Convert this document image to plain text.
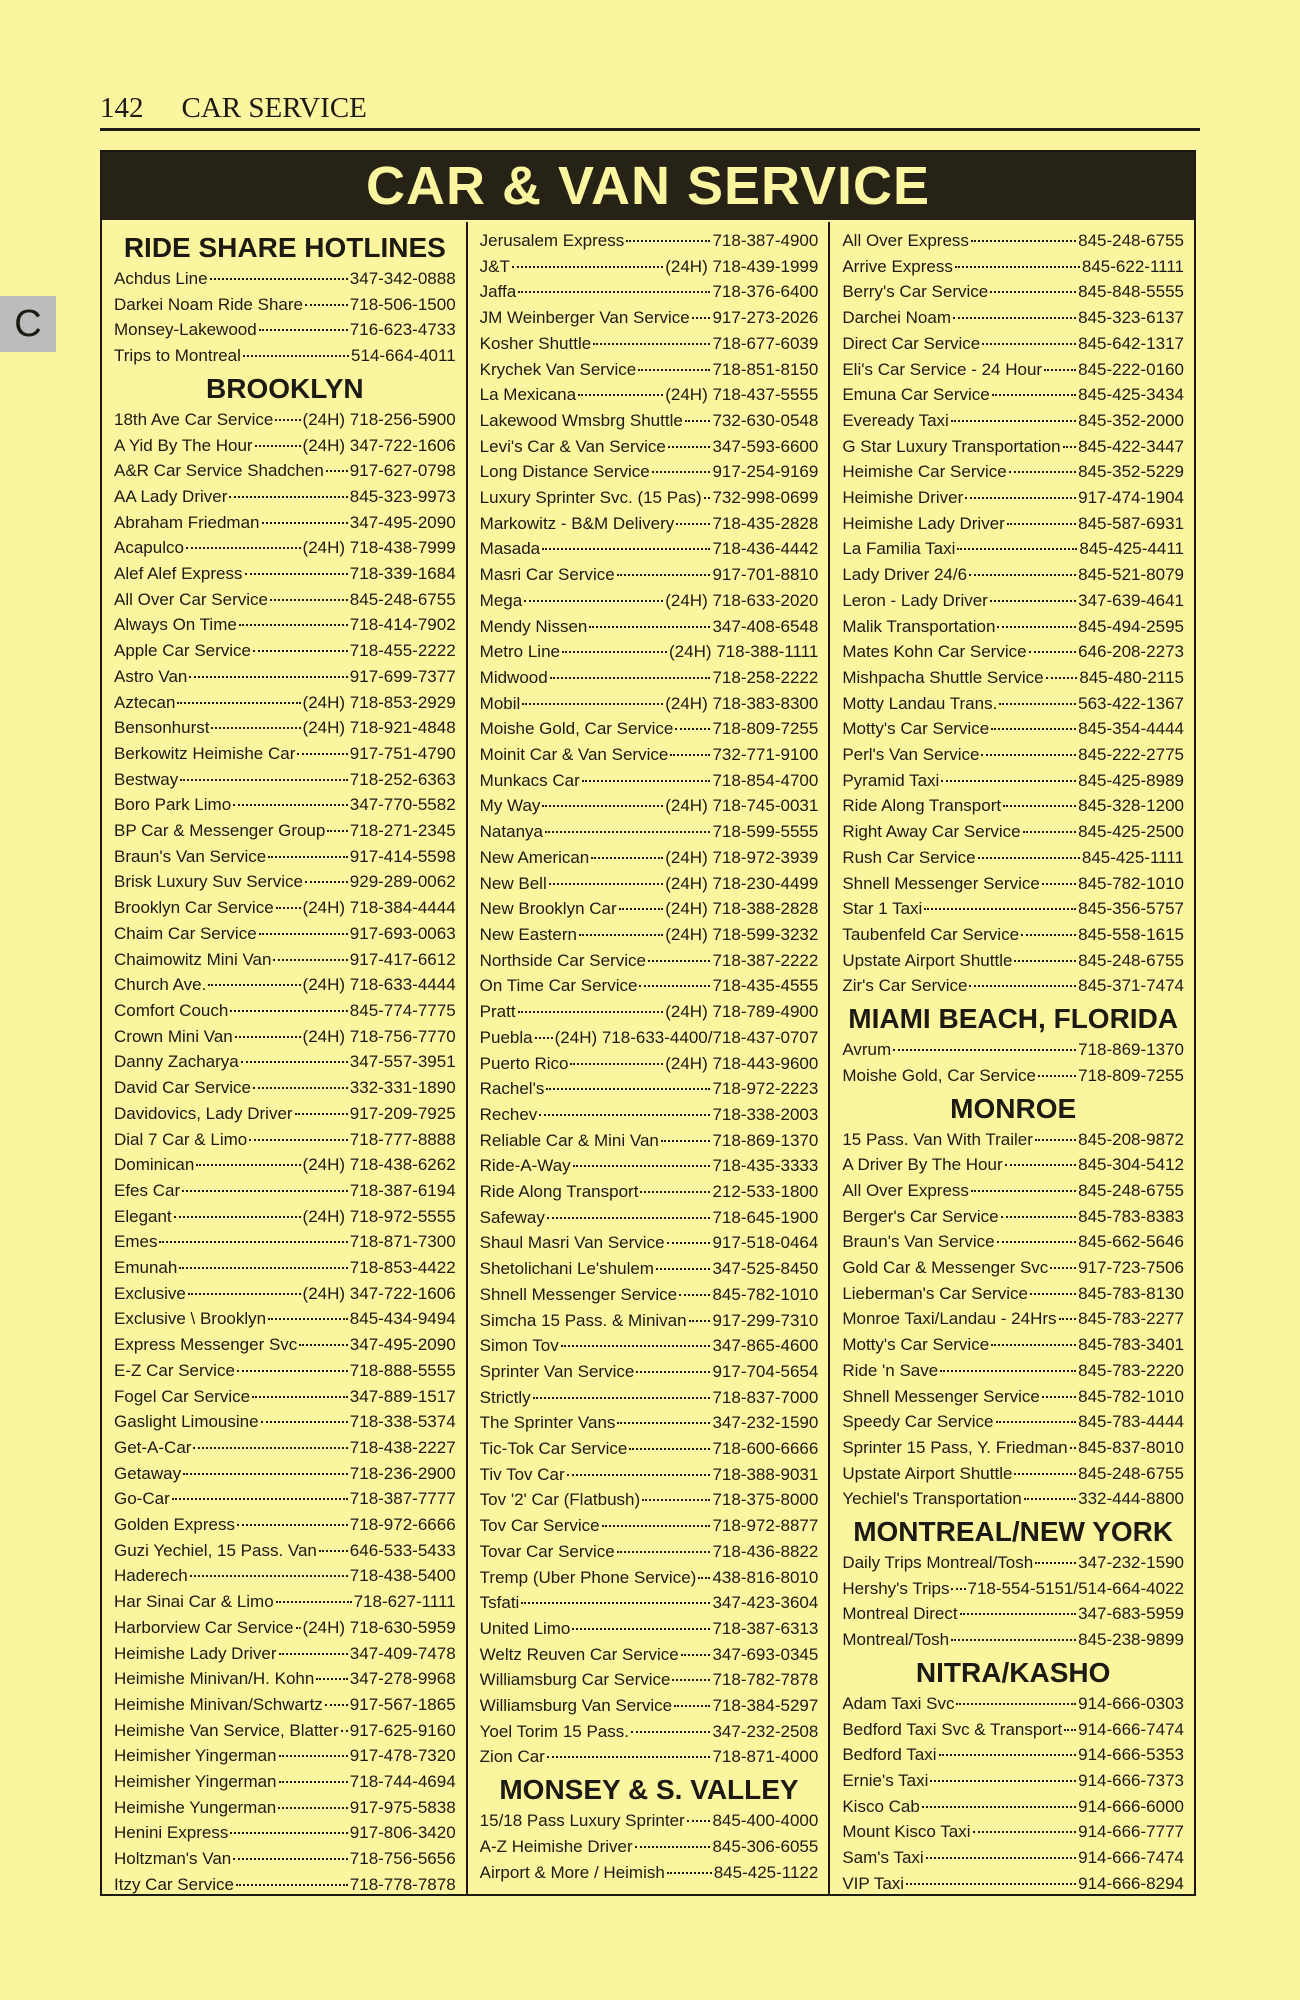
142 CAR SERVICE
C
CAR & VAN SERVICE
RIDE SHARE HOTLINES
Achdus Line	347-342-0888
Darkei Noam Ride Share	718-506-1500
Monsey-Lakewood	716-623-4733
Trips to Montreal	514-664-4011
BROOKLYN
18th Ave Car Service (24H) 718-256-5900
A Yid By The Hour	(24H) 347-722-1606
A&R Car Service Shadchen 917-627-0798
AA Lady Driver	845-323-9973
Abraham Friedman	347-495-2090
Acapulco	(24H) 718-438-7999
Alef Alef Express	718-339-1684
All Over Car Service	845-248-6755
Always On Time	718-414-7902
Apple Car Service	718-455-2222
Astro Van	917-699-7377
Aztecan	(24H) 718-853-2929
Bensonhurst	(24H) 718-921-4848
Berkowitz Heimishe Car	917-751-4790
Bestway	718-252-6363
Boro Park Limo	347-770-5582
BP Car & Messenger Group 718-271-2345
Braun's Van Service	917-414-5598
Brisk Luxury Suv Service	929-289-0062
Brooklyn Car Service (24H) 718-384-4444
Chaim Car Service	917-693-0063
Chaimowitz Mini Van	917-417-6612
Church Ave.	(24H) 718-633-4444
Comfort Couch	845-774-7775
Crown Mini Van	(24H) 718-756-7770
Danny Zacharya	347-557-3951
David Car Service	332-331-1890
Davidovics, Lady Driver	917-209-7925
Dial 7 Car & Limo	718-777-8888
Dominican	(24H) 718-438-6262
Efes Car	718-387-6194
Elegant	(24H) 718-972-5555
Emes	718-871-7300
Emunah	718-853-4422
Exclusive	(24H) 347-722-1606
Exclusive \ Brooklyn	845-434-9494
Express Messenger Svc	347-495-2090
E-Z Car Service	718-888-5555
Fogel Car Service	347-889-1517
Gaslight Limousine	718-338-5374
Get-A-Car	718-438-2227
Getaway	718-236-2900
Go-Car	718-387-7777
Golden Express	718-972-6666
Guzi Yechiel, 15 Pass. Van 646-533-5433
Haderech	718-438-5400
Har Sinai Car & Limo	718-627-1111
Harborview Car Service (24H) 718-630-5959
Heimishe Lady Driver	347-409-7478
Heimishe Minivan/H. Kohn 347-278-9968
Heimishe Minivan/Schwartz 917-567-1865
Heimishe Van Service, Blatter 917-625-9160
Heimisher Yingerman	917-478-7320
Heimisher Yingerman	718-744-4694
Heimishe Yungerman	917-975-5838
Henini Express	917-806-3420
Holtzman's Van	718-756-5656
Itzy Car Service	718-778-7878
Jerusalem Express	718-387-4900
J&T	(24H) 718-439-1999
Jaffa	718-376-6400
JM Weinberger Van Service 917-273-2026
Kosher Shuttle	718-677-6039
Krychek Van Service	718-851-8150
La Mexicana	(24H) 718-437-5555
Lakewood Wmsbrg Shuttle 732-630-0548
Levi's Car & Van Service	347-593-6600
Long Distance Service	917-254-9169
Luxury Sprinter Svc. (15 Pas) 732-998-0699
Markowitz - B&M Delivery 718-435-2828
Masada	718-436-4442
Masri Car Service	917-701-8810
Mega	(24H) 718-633-2020
Mendy Nissen	347-408-6548
Metro Line	(24H) 718-388-1111
Midwood	718-258-2222
Mobil	(24H) 718-383-8300
Moishe Gold, Car Service 718-809-7255
Moinit Car & Van Service	732-771-9100
Munkacs Car	718-854-4700
My Way	(24H) 718-745-0031
Natanya	718-599-5555
New American	(24H) 718-972-3939
New Bell	(24H) 718-230-4499
New Brooklyn Car	(24H) 718-388-2828
New Eastern	(24H) 718-599-3232
Northside Car Service	718-387-2222
On Time Car Service	718-435-4555
Pratt	(24H) 718-789-4900
Puebla (24H) 718-633-4400/718-437-0707
Puerto Rico	(24H) 718-443-9600
Rachel's	718-972-2223
Rechev	718-338-2003
Reliable Car & Mini Van	718-869-1370
Ride-A-Way	718-435-3333
Ride Along Transport	212-533-1800
Safeway	718-645-1900
Shaul Masri Van Service	917-518-0464
Shetolichani Le'shulem	347-525-8450
Shnell Messenger Service 845-782-1010
Simcha 15 Pass. & Minivan 917-299-7310
Simon Tov	347-865-4600
Sprinter Van Service	917-704-5654
Strictly	718-837-7000
The Sprinter Vans	347-232-1590
Tic-Tok Car Service	718-600-6666
Tiv Tov Car	718-388-9031
Tov '2' Car (Flatbush)	718-375-8000
Tov Car Service	718-972-8877
Tovar Car Service	718-436-8822
Tremp (Uber Phone Service) 438-816-8010
Tsfati	347-423-3604
United Limo	718-387-6313
Weltz Reuven Car Service 347-693-0345
Williamsburg Car Service 718-782-7878
Williamsburg Van Service 718-384-5297
Yoel Torim 15 Pass.	347-232-2508
Zion Car	718-871-4000
MONSEY & S. VALLEY
15/18 Pass Luxury Sprinter 845-400-4000
A-Z Heimishe Driver	845-306-6055
Airport & More / Heimish	845-425-1122
All Over Express	845-248-6755
Arrive Express	845-622-1111
Berry's Car Service	845-848-5555
Darchei Noam	845-323-6137
Direct Car Service	845-642-1317
Eli's Car Service - 24 Hour 845-222-0160
Emuna Car Service	845-425-3434
Eveready Taxi	845-352-2000
G Star Luxury Transportation 845-422-3447
Heimishe Car Service	845-352-5229
Heimishe Driver	917-474-1904
Heimishe Lady Driver	845-587-6931
La Familia Taxi	845-425-4411
Lady Driver 24/6	845-521-8079
Leron - Lady Driver	347-639-4641
Malik Transportation	845-494-2595
Mates Kohn Car Service	646-208-2273
Mishpacha Shuttle Service 845-480-2115
Motty Landau Trans.	563-422-1367
Motty's Car Service	845-354-4444
Perl's Van Service	845-222-2775
Pyramid Taxi	845-425-8989
Ride Along Transport	845-328-1200
Right Away Car Service	845-425-2500
Rush Car Service	845-425-1111
Shnell Messenger Service 845-782-1010
Star 1 Taxi	845-356-5757
Taubenfeld Car Service	845-558-1615
Upstate Airport Shuttle	845-248-6755
Zir's Car Service	845-371-7474
MIAMI BEACH, FLORIDA
Avrum	718-869-1370
Moishe Gold, Car Service 718-809-7255
MONROE
15 Pass. Van With Trailer	845-208-9872
A Driver By The Hour	845-304-5412
All Over Express	845-248-6755
Berger's Car Service	845-783-8383
Braun's Van Service	845-662-5646
Gold Car & Messenger Svc 917-723-7506
Lieberman's Car Service	845-783-8130
Monroe Taxi/Landau - 24Hrs 845-783-2277
Motty's Car Service	845-783-3401
Ride 'n Save	845-783-2220
Shnell Messenger Service 845-782-1010
Speedy Car Service	845-783-4444
Sprinter 15 Pass, Y. Friedman 845-837-8010
Upstate Airport Shuttle	845-248-6755
Yechiel's Transportation	332-444-8800
MONTREAL/NEW YORK
Daily Trips Montreal/Tosh	347-232-1590
Hershy's Trips 718-554-5151/514-664-4022
Montreal Direct	347-683-5959
Montreal/Tosh	845-238-9899
NITRA/KASHO
Adam Taxi Svc	914-666-0303
Bedford Taxi Svc & Transport 914-666-7474
Bedford Taxi	914-666-5353
Ernie's Taxi	914-666-7373
Kisco Cab	914-666-6000
Mount Kisco Taxi	914-666-7777
Sam's Taxi	914-666-7474
VIP Taxi	914-666-8294
